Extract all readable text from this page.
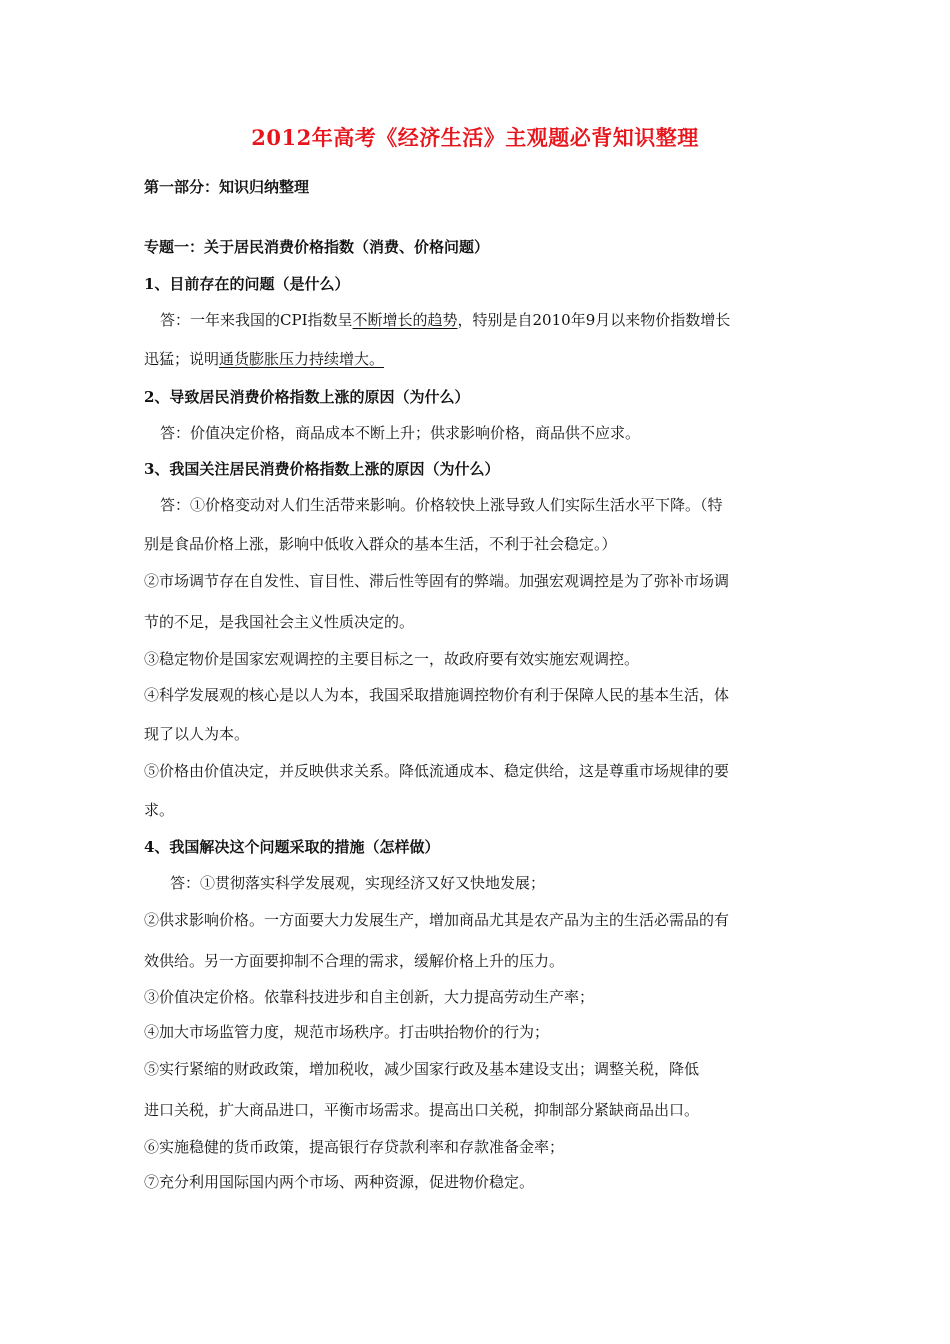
2012年高考《经济生活》主观题必背知识整理
第一部分：知识归纳整理
专题一：关于居民消费价格指数（消费、价格问题）
1、目前存在的问题（是什么）
答：一年来我国的CPI指数呈不断增长的趋势，特别是自2010年9月以来物价指数增长
迅猛；说明通货膨胀压力持续增大。
2、导致居民消费价格指数上涨的原因（为什么）
答：价值决定价格，商品成本不断上升；供求影响价格，商品供不应求。
3、我国关注居民消费价格指数上涨的原因（为什么）
答：①价格变动对人们生活带来影响。价格较快上涨导致人们实际生活水平下降。（特
别是食品价格上涨，影响中低收入群众的基本生活，不利于社会稳定。）
②市场调节存在自发性、盲目性、滞后性等固有的弊端。加强宏观调控是为了弥补市场调
节的不足，是我国社会主义性质决定的。
③稳定物价是国家宏观调控的主要目标之一，故政府要有效实施宏观调控。
④科学发展观的核心是以人为本，我国采取措施调控物价有利于保障人民的基本生活，体
现了以人为本。
⑤价格由价值决定，并反映供求关系。降低流通成本、稳定供给，这是尊重市场规律的要
求。
4、我国解决这个问题采取的措施（怎样做）
答：①贯彻落实科学发展观，实现经济又好又快地发展；
②供求影响价格。一方面要大力发展生产，增加商品尤其是农产品为主的生活必需品的有
效供给。另一方面要抑制不合理的需求，缓解价格上升的压力。
③价值决定价格。依靠科技进步和自主创新，大力提高劳动生产率；
④加大市场监管力度，规范市场秩序。打击哄抬物价的行为；
⑤实行紧缩的财政政策，增加税收，减少国家行政及基本建设支出；调整关税，降低
进口关税，扩大商品进口，平衡市场需求。提高出口关税，抑制部分紧缺商品出口。
⑥实施稳健的货币政策，提高银行存贷款利率和存款准备金率；
⑦充分利用国际国内两个市场、两种资源，促进物价稳定。
